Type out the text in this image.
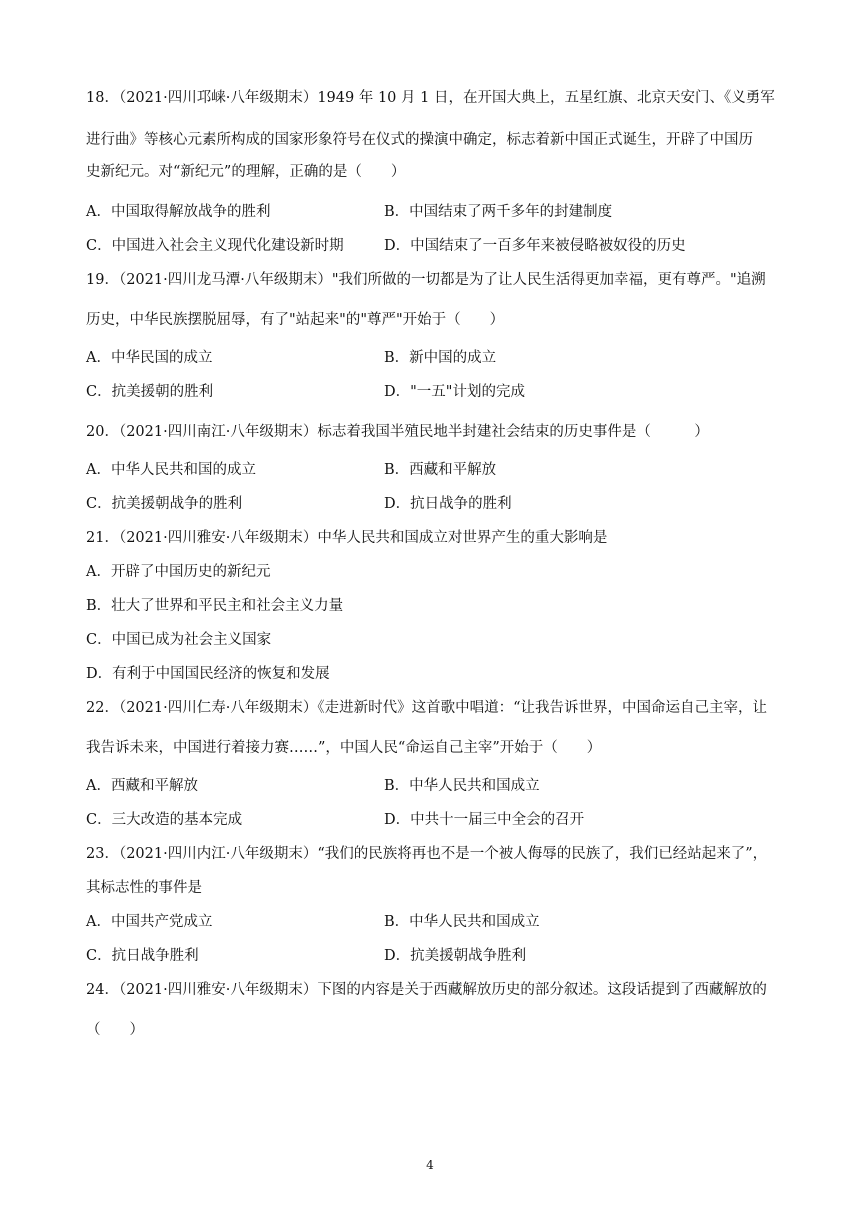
18．（2021·四川邛崃·八年级期末）1949 年 10 月 1 日，在开国大典上，五星红旗、北京天安门、《义勇军
进行曲》等核心元素所构成的国家形象符号在仪式的操演中确定，标志着新中国正式诞生，开辟了中国历
史新纪元。对“新纪元”的理解，正确的是（　　）
A．中国取得解放战争的胜利	B．中国结束了两千多年的封建制度
C．中国进入社会主义现代化建设新时期	D．中国结束了一百多年来被侵略被奴役的历史
19．（2021·四川龙马潭·八年级期末）"我们所做的一切都是为了让人民生活得更加幸福，更有尊严。"追溯
历史，中华民族摆脱屈辱，有了"站起来"的"尊严"开始于（　　）
A．中华民国的成立	B．新中国的成立
C．抗美援朝的胜利	D．"一五"计划的完成
20．（2021·四川南江·八年级期末）标志着我国半殖民地半封建社会结束的历史事件是（　　　）
A．中华人民共和国的成立	B．西藏和平解放
C．抗美援朝战争的胜利	D．抗日战争的胜利
21．（2021·四川雅安·八年级期末）中华人民共和国成立对世界产生的重大影响是
A．开辟了中国历史的新纪元
B．壮大了世界和平民主和社会主义力量
C．中国已成为社会主义国家
D．有利于中国国民经济的恢复和发展
22．（2021·四川仁寿·八年级期末）《走进新时代》这首歌中唱道：“让我告诉世界，中国命运自己主宰，让
我告诉未来，中国进行着接力赛……”，中国人民“命运自己主宰”开始于（　　）
A．西藏和平解放	B．中华人民共和国成立
C．三大改造的基本完成	D．中共十一届三中全会的召开
23．（2021·四川内江·八年级期末）“我们的民族将再也不是一个被人侮辱的民族了，我们已经站起来了”，
其标志性的事件是
A．中国共产党成立	B．中华人民共和国成立
C．抗日战争胜利	D．抗美援朝战争胜利
24．（2021·四川雅安·八年级期末）下图的内容是关于西藏解放历史的部分叙述。这段话提到了西藏解放的
（　　）
4
